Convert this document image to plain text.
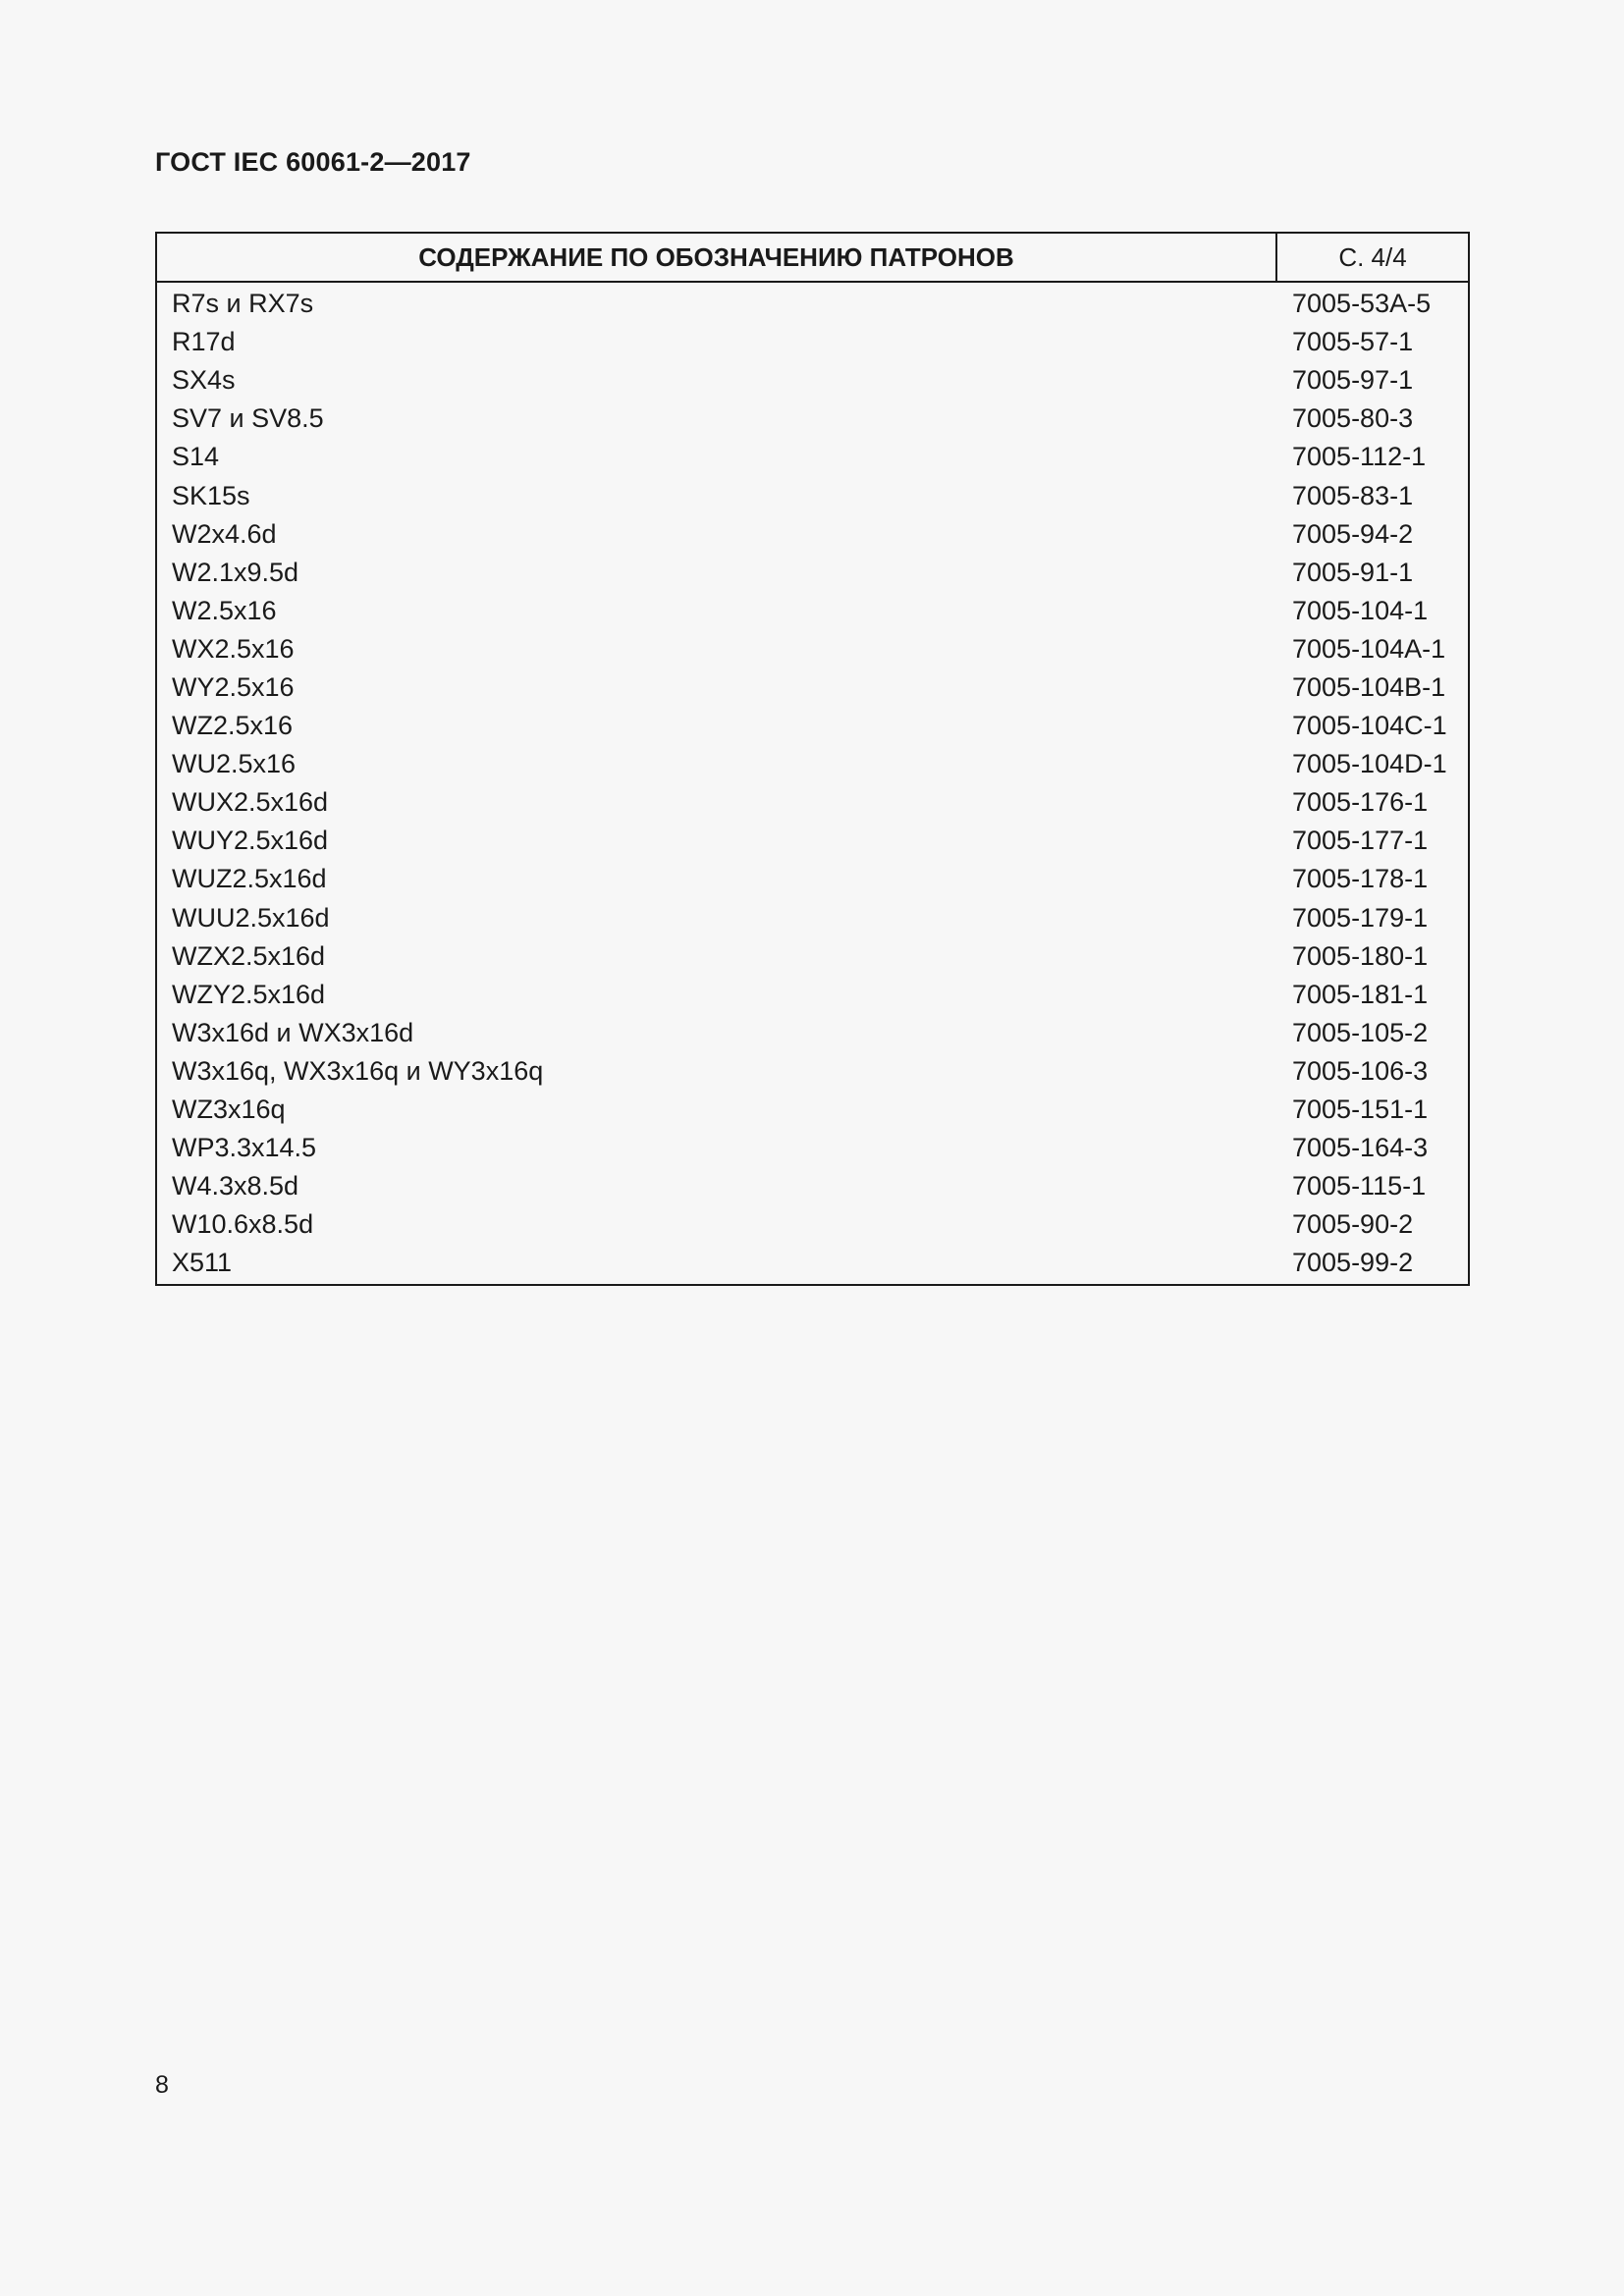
ГОСТ IEC 60061-2—2017
СОДЕРЖАНИЕ ПО ОБОЗНАЧЕНИЮ ПАТРОНОВ	С. 4/4
R7s и RX7s	7005-53A-5
R17d	7005-57-1
SX4s	7005-97-1
SV7 и SV8.5	7005-80-3
S14	7005-112-1
SK15s	7005-83-1
W2x4.6d	7005-94-2
W2.1x9.5d	7005-91-1
W2.5x16	7005-104-1
WX2.5x16	7005-104A-1
WY2.5x16	7005-104B-1
WZ2.5x16	7005-104C-1
WU2.5x16	7005-104D-1
WUX2.5x16d	7005-176-1
WUY2.5x16d	7005-177-1
WUZ2.5x16d	7005-178-1
WUU2.5x16d	7005-179-1
WZX2.5x16d	7005-180-1
WZY2.5x16d	7005-181-1
W3x16d и WX3x16d	7005-105-2
W3x16q, WX3x16q и WY3x16q	7005-106-3
WZ3x16q	7005-151-1
WP3.3x14.5	7005-164-3
W4.3x8.5d	7005-115-1
W10.6x8.5d	7005-90-2
X511	7005-99-2
8
